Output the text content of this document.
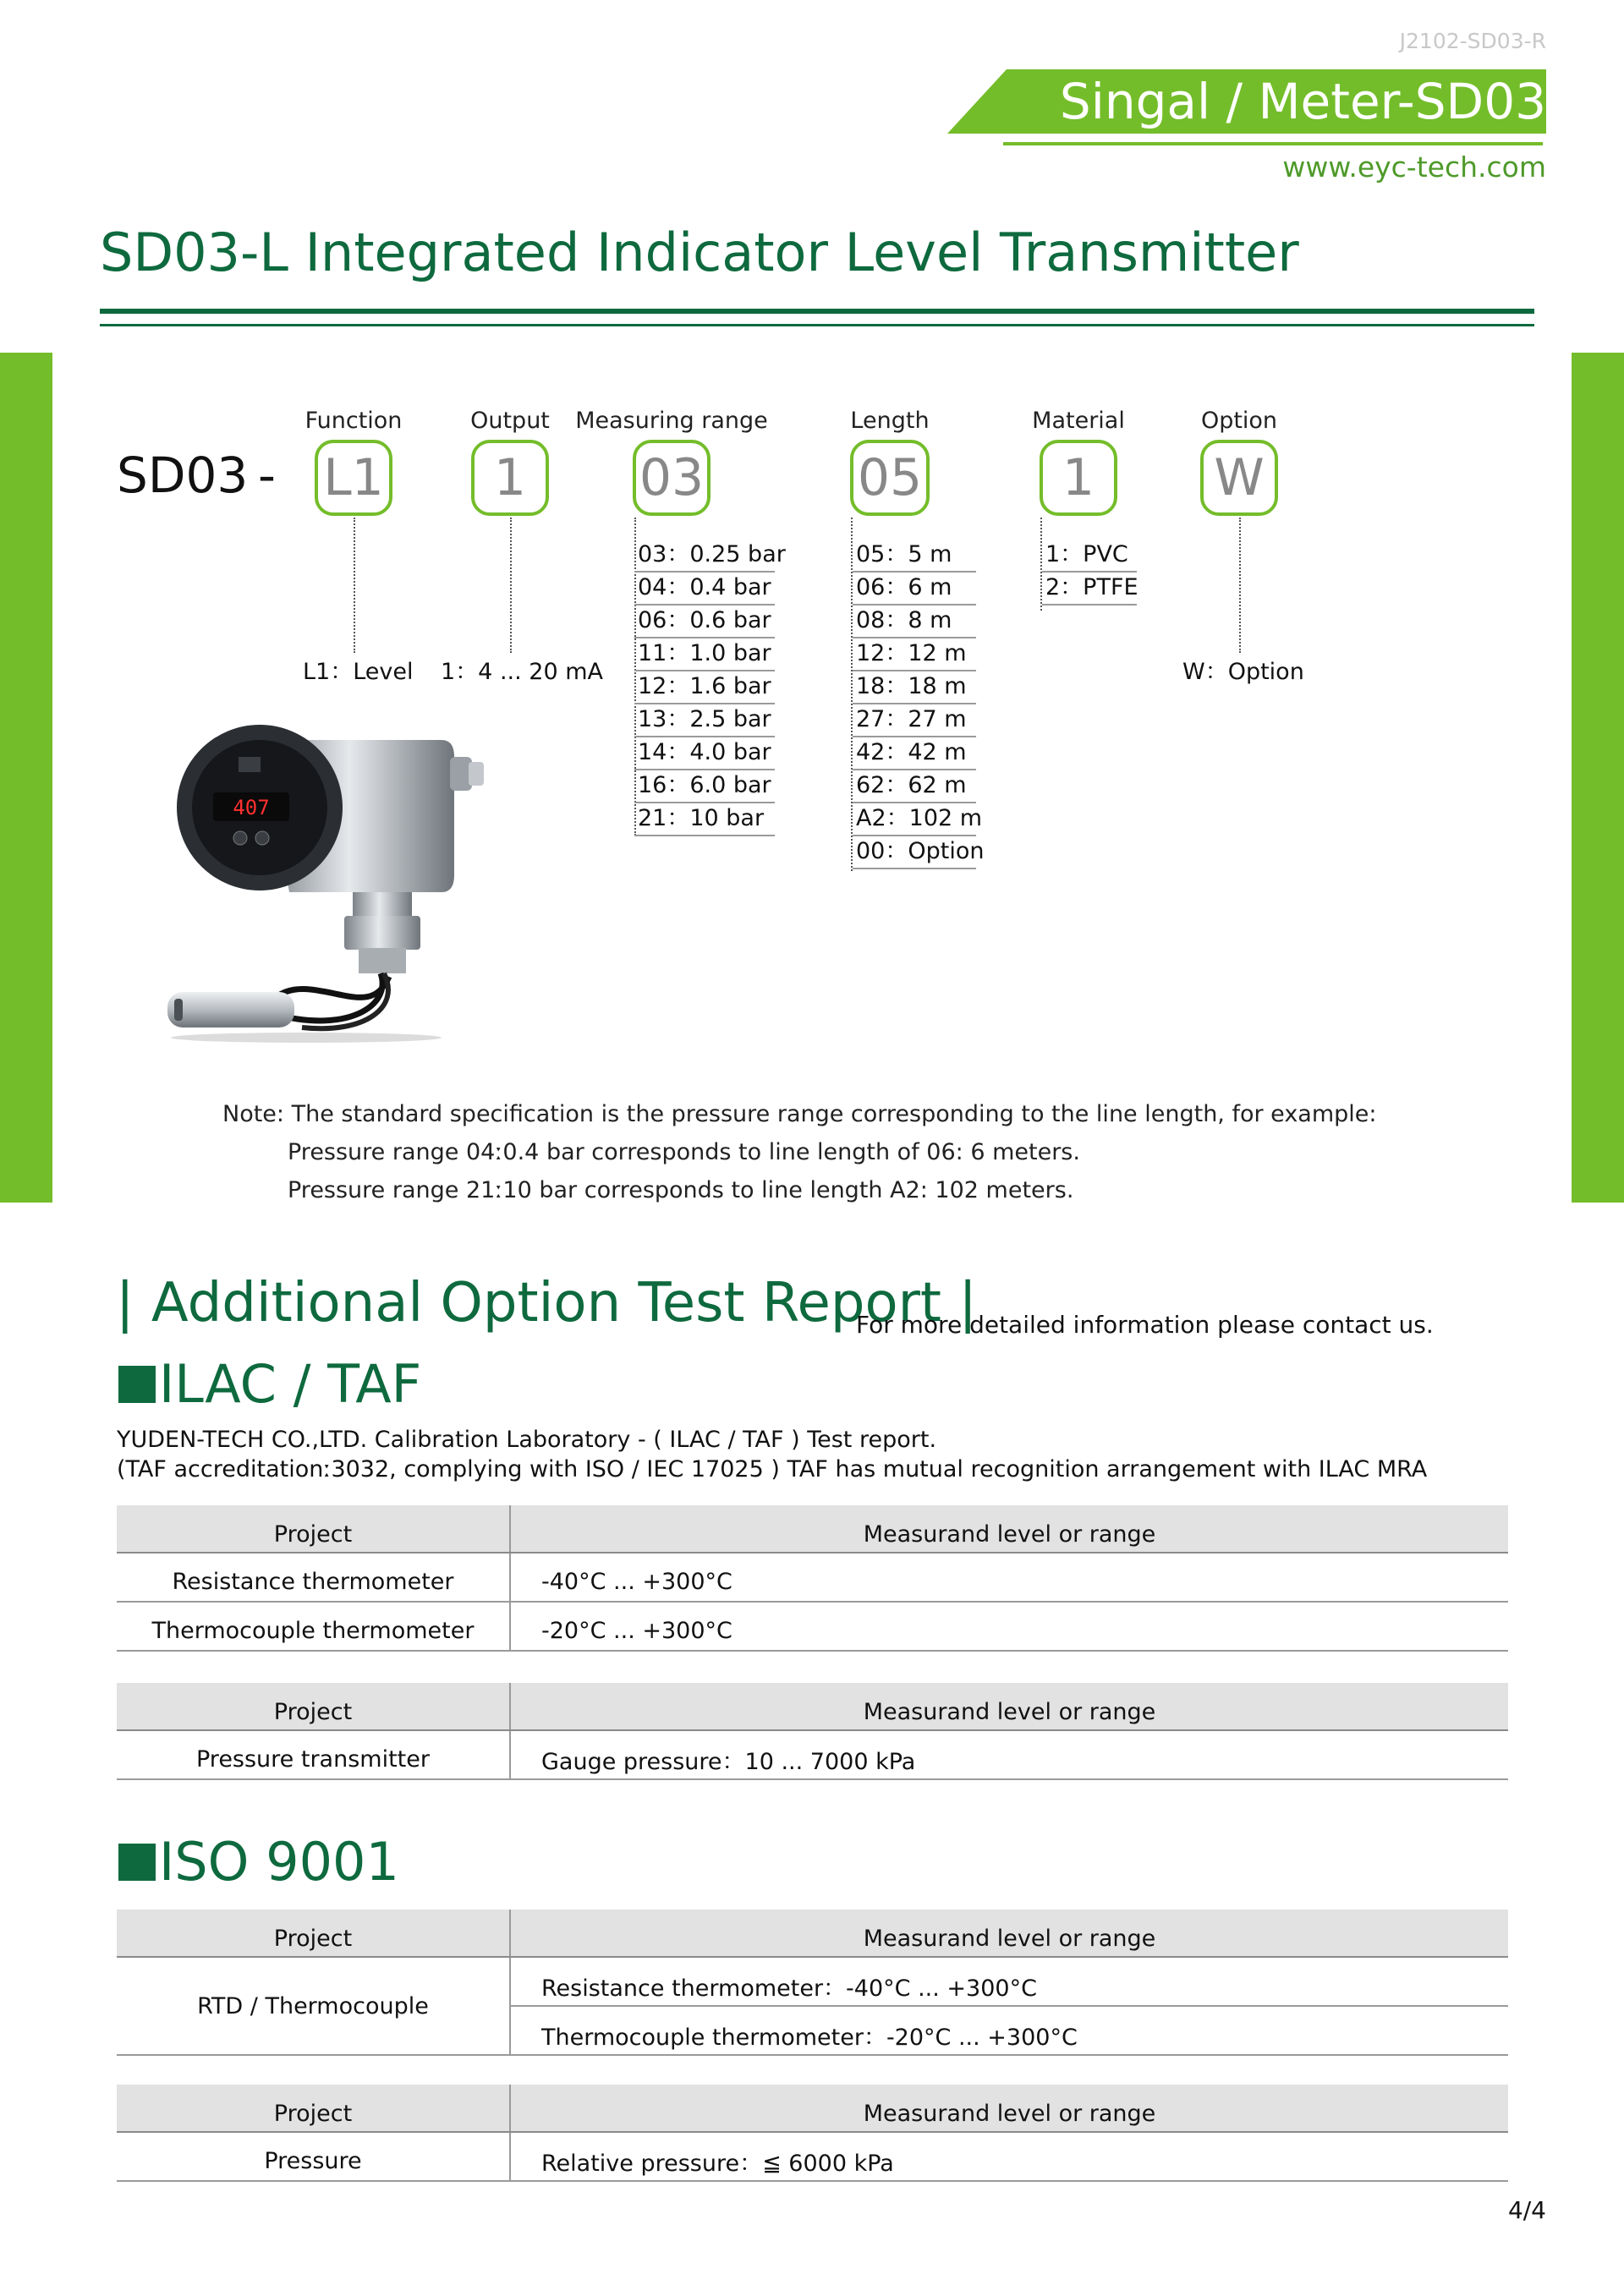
J2102-SD03-R
Singal / Meter-SD03
www.eyc-tech.com
SD03-L Integrated Indicator Level Transmitter
SD03 -
Function	Output Measuring range	Length	Material	Option
L1	1	03	05	1	W
L1：Level 1：4 ... 20 mA	W：Option
03：0.25 bar
04：0.4 bar
06：0.6 bar
11：1.0 bar
12：1.6 bar
13：2.5 bar
14：4.0 bar
16：6.0 bar
21：10 bar
05：5 m
06：6 m
08：8 m
12：12 m
18：18 m
27：27 m
42：42 m
62：62 m
A2：102 m
00：Option
1：PVC
2：PTFE
407
Note: The standard specification is the pressure range corresponding to the line length, for example:
Pressure range 04ː0.4 bar corresponds to line length of 06: 6 meters.
Pressure range 21ː10 bar corresponds to line length A2: 102 meters.
| Additional Option Test Report |
For more detailed information please contact us.
ILAC / TAF
YUDEN-TECH CO.,LTD. Calibration Laboratory - ( ILAC / TAF ) Test report.
(TAF accreditationː3032, complying with ISO / IEC 17025 ) TAF has mutual recognition arrangement with ILAC MRA
Project	Measurand level or range
Resistance thermometer	-40°C ... +300°C
Thermocouple thermometer	-20°C ... +300°C
Project	Measurand level or range
Pressure transmitter	Gauge pressure：10 ... 7000 kPa
ISO 9001
Project	Measurand level or range
RTD / Thermocouple	Resistance thermometer：-40°C ... +300°C
	Thermocouple thermometer：-20°C ... +300°C
Project	Measurand level or range
Pressure	Relative pressure：≦ 6000 kPa
4/4
